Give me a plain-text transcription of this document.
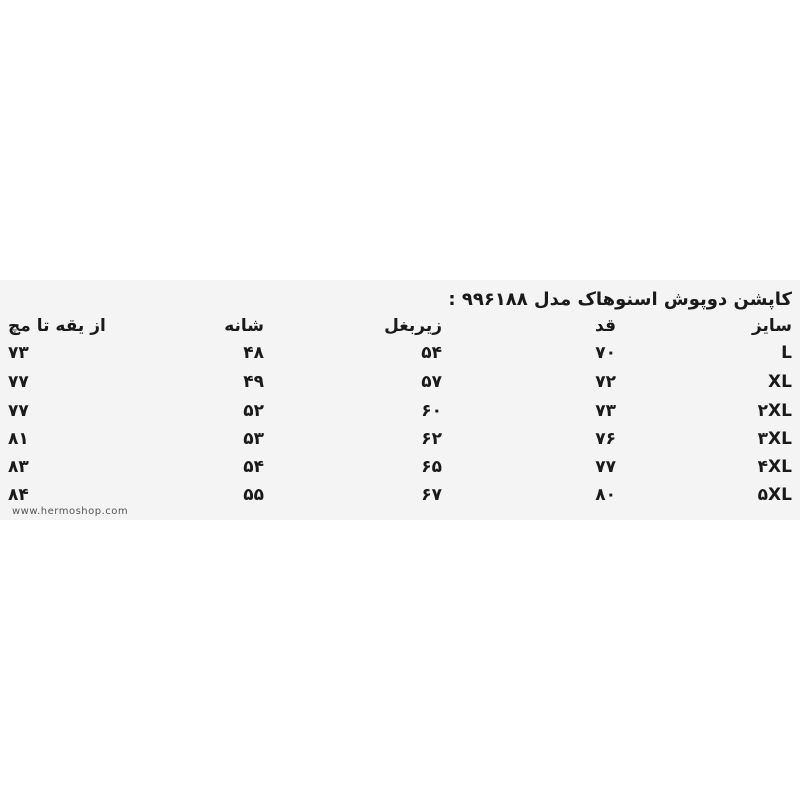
کاپشن دوپوش اسنوهاک مدل ۹۹۶۱۸۸ :
سایز
قد
زیربغل
شانه
از یقه تا مچ
L
۷۰
۵۴
۴۸
۷۳
XL
۷۲
۵۷
۴۹
۷۷
۲XL
۷۳
۶۰
۵۲
۷۷
۳XL
۷۶
۶۲
۵۳
۸۱
۴XL
۷۷
۶۵
۵۴
۸۳
۵XL
۸۰
۶۷
۵۵
۸۴
www.hermoshop.com
